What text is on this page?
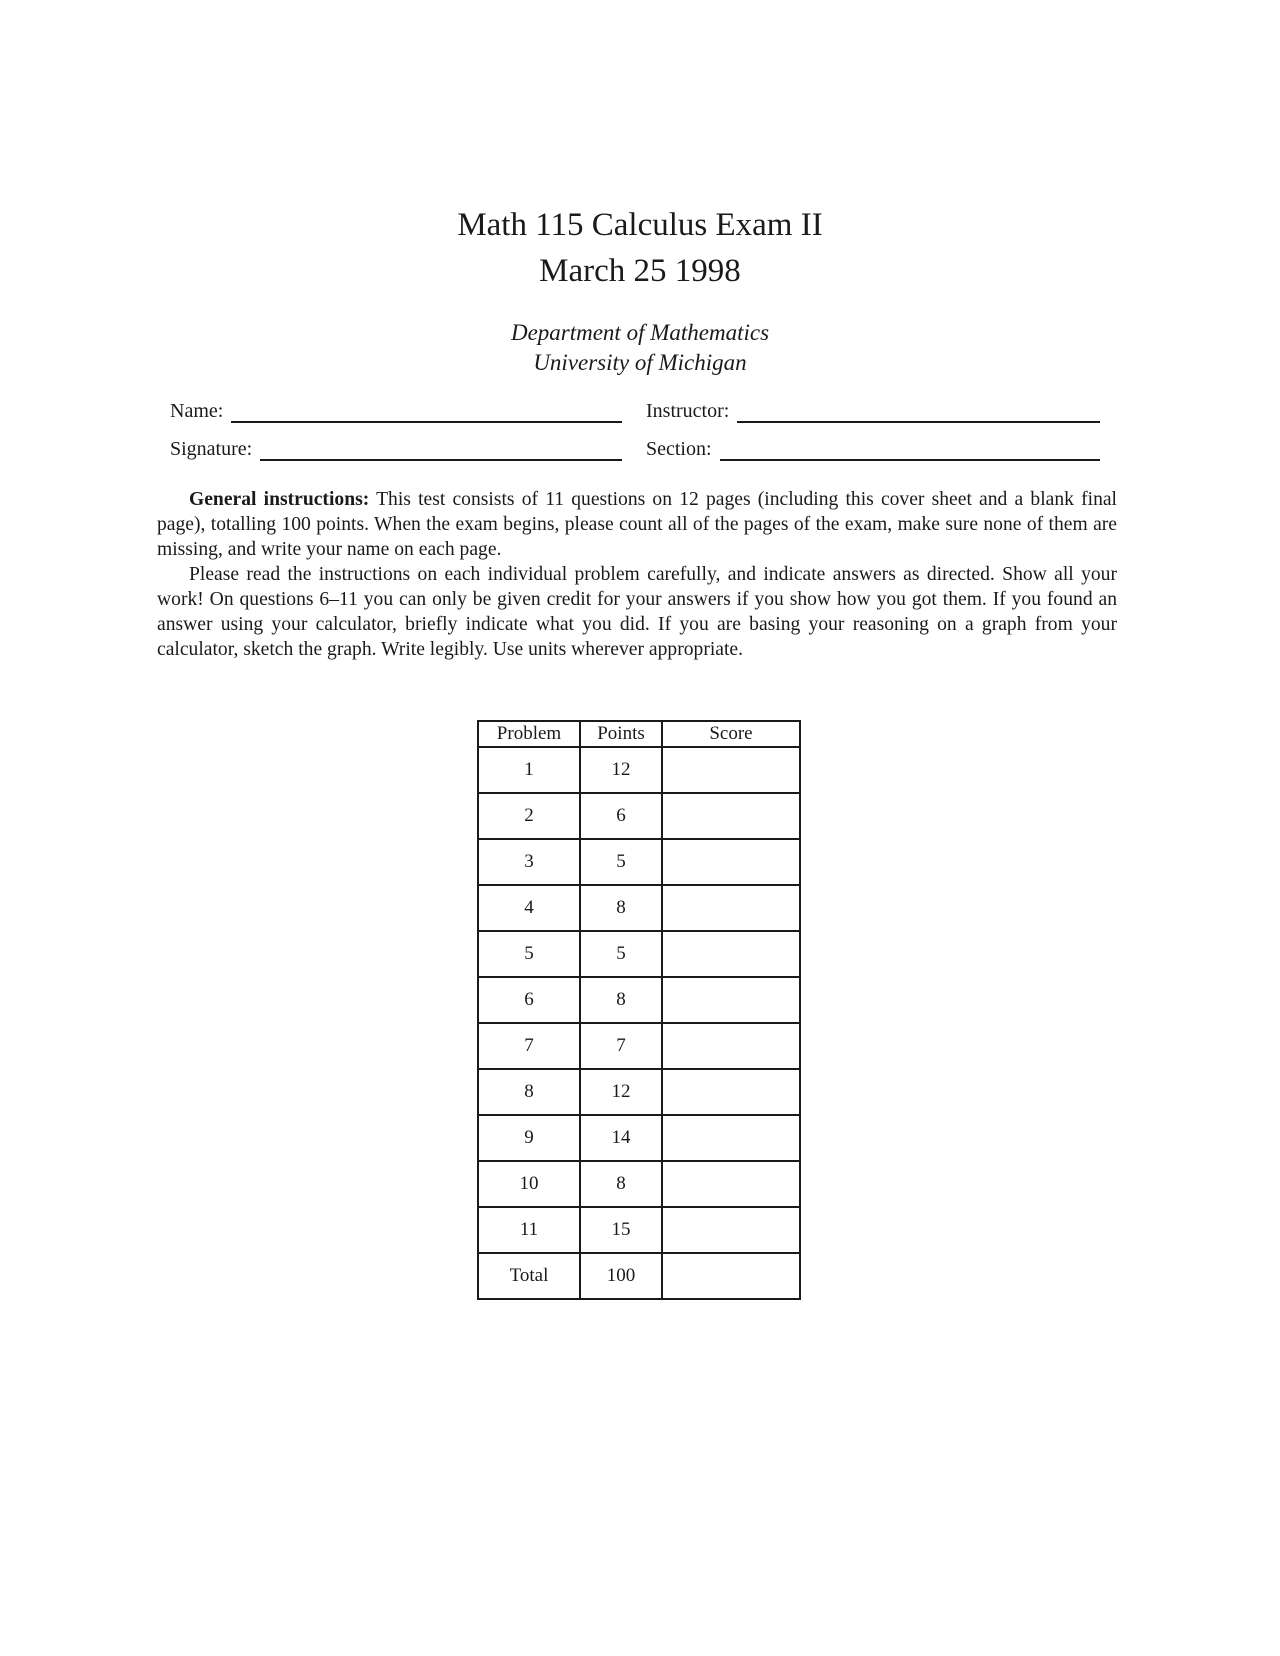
Math 115 Calculus Exam II
March 25 1998
Department of Mathematics
University of Michigan
Name:	Instructor:
Signature:	Section:

General instructions: This test consists of 11 questions on 12 pages (including this cover sheet and a blank final page), totalling 100 points. When the exam begins, please count all of the pages of the exam, make sure none of them are missing, and write your name on each page.

Please read the instructions on each individual problem carefully, and indicate answers as directed. Show all your work! On questions 6–11 you can only be given credit for your answers if you show how you got them. If you found an answer using your calculator, briefly indicate what you did. If you are basing your reasoning on a graph from your calculator, sketch the graph. Write legibly. Use units wherever appropriate.

Problem	Points	Score
1	12	
2	6	
3	5	
4	8	
5	5	
6	8	
7	7	
8	12	
9	14	
10	8	
11	15	
Total	100	
